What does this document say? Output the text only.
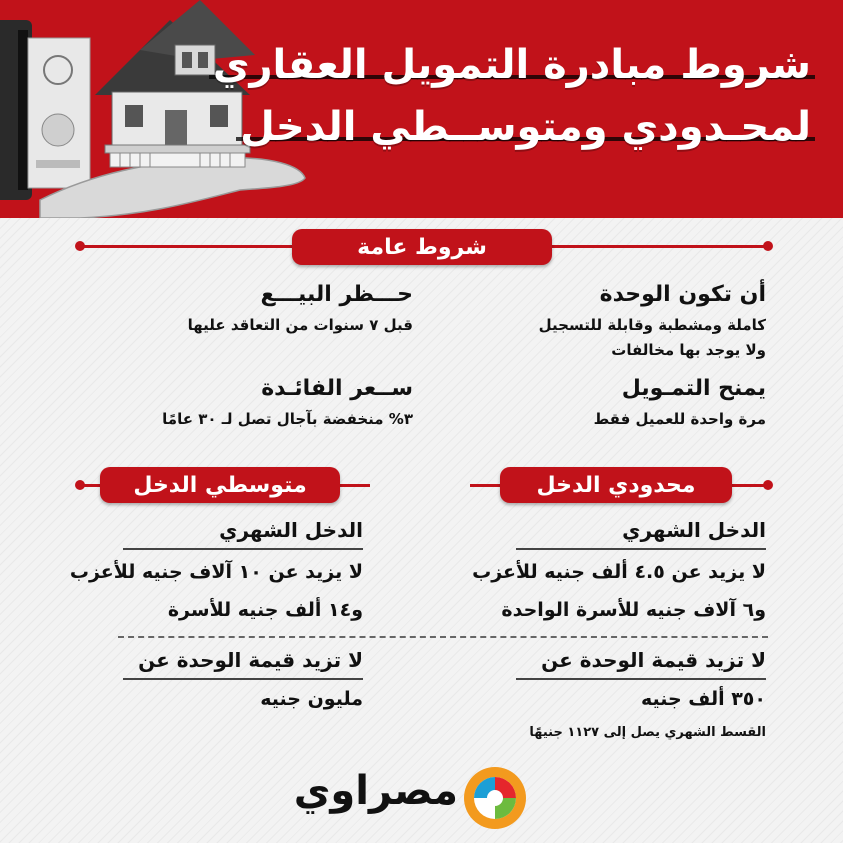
شروط مبادرة التمويل العقاري
لمحـدودي ومتوســطي الدخل
شروط عامة
أن تكون الوحدة
كاملة ومشطبة وقابلة للتسجيل
ولا يوجد بها مخالفات
يمنح التمـويل
مرة واحدة للعميل فقط
حـــظر البيـــع
قبل ٧ سنوات من التعاقد عليها
ســعر الفائـدة
٣% منخفضة بآجال تصل لـ ٣٠ عامًا
محدودي الدخل
متوسطي الدخل
الدخل الشهري
لا يزيد عن ٤.٥ ألف جنيه للأعزب
و٦ آلاف جنيه للأسرة الواحدة
لا تزيد قيمة الوحدة عن
٣٥٠ ألف جنيه
القسط الشهري يصل إلى ١١٢٧ جنيهًا
الدخل الشهري
لا يزيد عن ١٠ آلاف جنيه للأعزب
و١٤ ألف جنيه للأسرة
لا تزيد قيمة الوحدة عن
مليون جنيه
مصراوي
